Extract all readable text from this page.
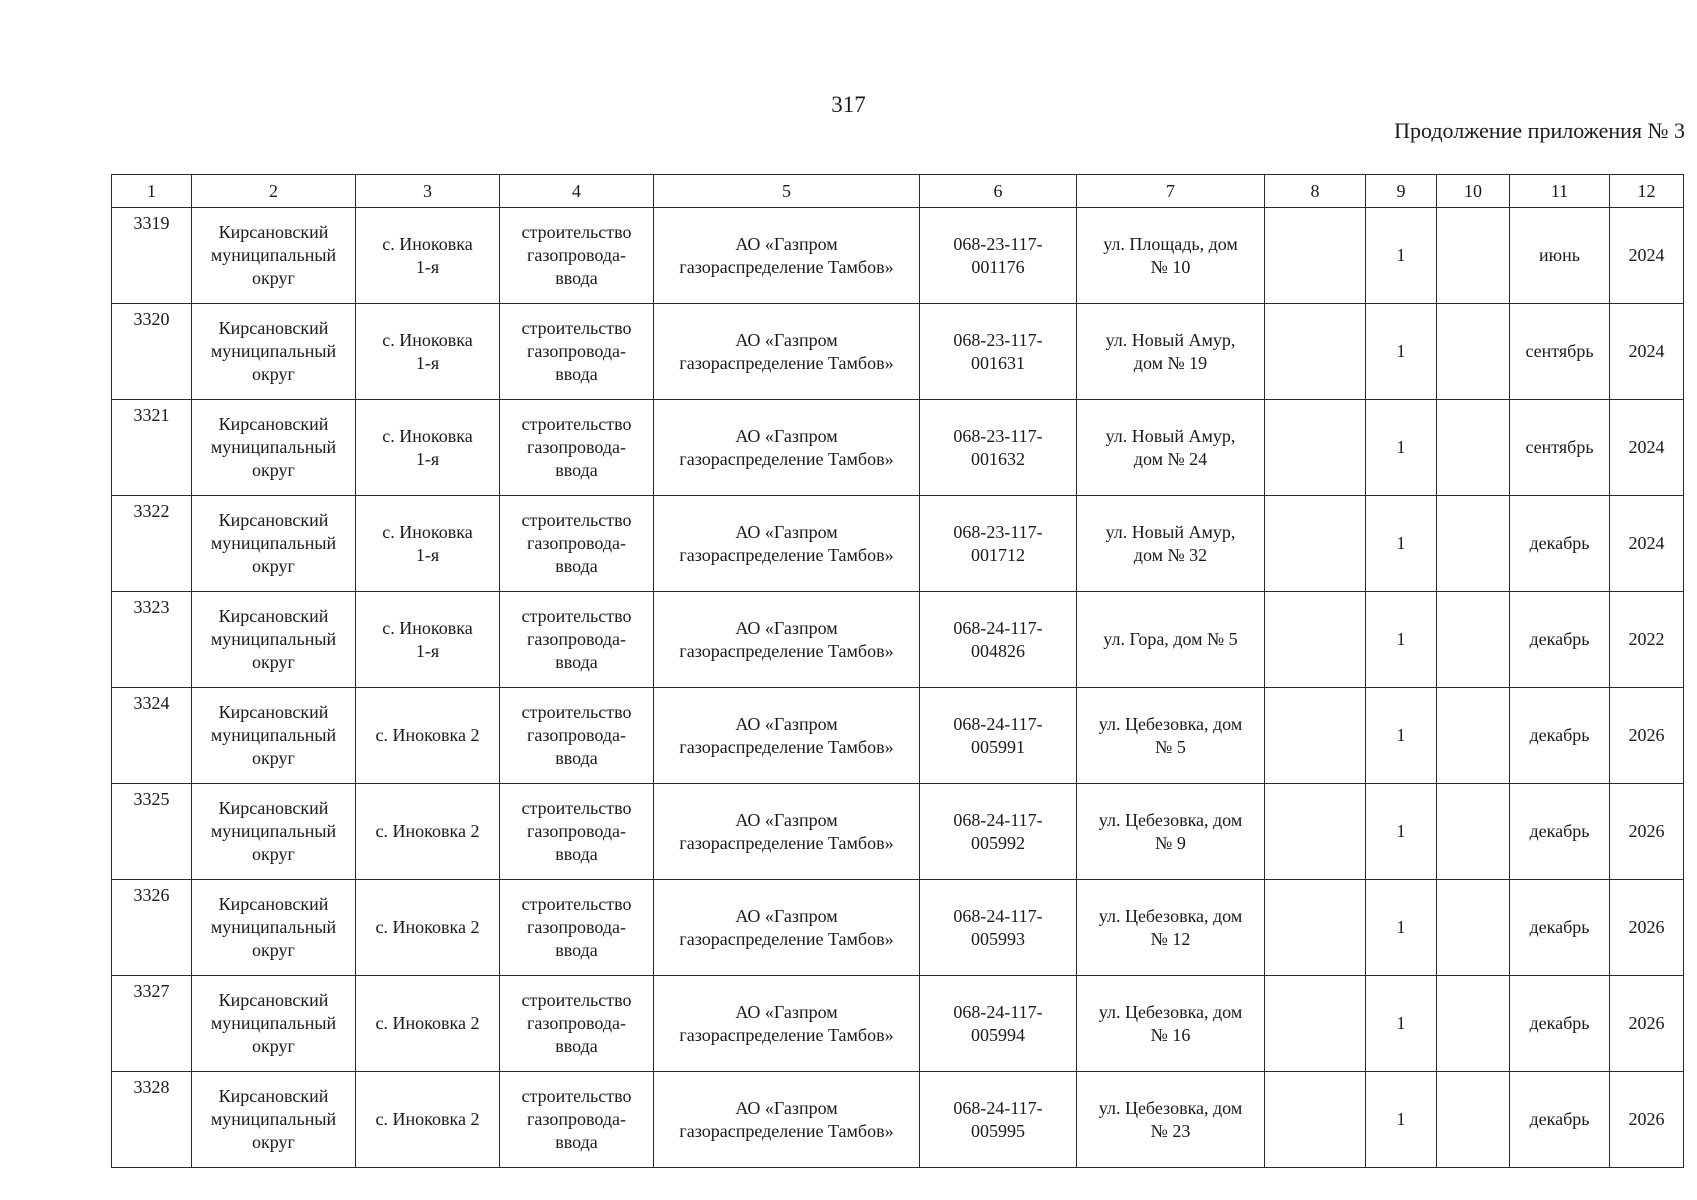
317
Продолжение приложения № 3
1	2	3	4	5	6	7	8	9	10	11	12

3319	Кирсановский
муниципальный
округ	с. Иноковка
1-я	строительство
газопровода-
ввода	АО «Газпром
газораспределение Тамбов»	068-23-117-
001176	ул. Площадь, дом
№ 10		1		июнь	2024

3320	Кирсановский
муниципальный
округ	с. Иноковка
1-я	строительство
газопровода-
ввода	АО «Газпром
газораспределение Тамбов»	068-23-117-
001631	ул. Новый Амур,
дом № 19		1		сентябрь	2024

3321	Кирсановский
муниципальный
округ	с. Иноковка
1-я	строительство
газопровода-
ввода	АО «Газпром
газораспределение Тамбов»	068-23-117-
001632	ул. Новый Амур,
дом № 24		1		сентябрь	2024

3322	Кирсановский
муниципальный
округ	с. Иноковка
1-я	строительство
газопровода-
ввода	АО «Газпром
газораспределение Тамбов»	068-23-117-
001712	ул. Новый Амур,
дом № 32		1		декабрь	2024

3323	Кирсановский
муниципальный
округ	с. Иноковка
1-я	строительство
газопровода-
ввода	АО «Газпром
газораспределение Тамбов»	068-24-117-
004826	ул. Гора, дом № 5		1		декабрь	2022

3324	Кирсановский
муниципальный
округ	с. Иноковка 2	строительство
газопровода-
ввода	АО «Газпром
газораспределение Тамбов»	068-24-117-
005991	ул. Цебезовка, дом
№ 5		1		декабрь	2026

3325	Кирсановский
муниципальный
округ	с. Иноковка 2	строительство
газопровода-
ввода	АО «Газпром
газораспределение Тамбов»	068-24-117-
005992	ул. Цебезовка, дом
№ 9		1		декабрь	2026

3326	Кирсановский
муниципальный
округ	с. Иноковка 2	строительство
газопровода-
ввода	АО «Газпром
газораспределение Тамбов»	068-24-117-
005993	ул. Цебезовка, дом
№ 12		1		декабрь	2026

3327	Кирсановский
муниципальный
округ	с. Иноковка 2	строительство
газопровода-
ввода	АО «Газпром
газораспределение Тамбов»	068-24-117-
005994	ул. Цебезовка, дом
№ 16		1		декабрь	2026

3328	Кирсановский
муниципальный
округ	с. Иноковка 2	строительство
газопровода-
ввода	АО «Газпром
газораспределение Тамбов»	068-24-117-
005995	ул. Цебезовка, дом
№ 23		1		декабрь	2026
